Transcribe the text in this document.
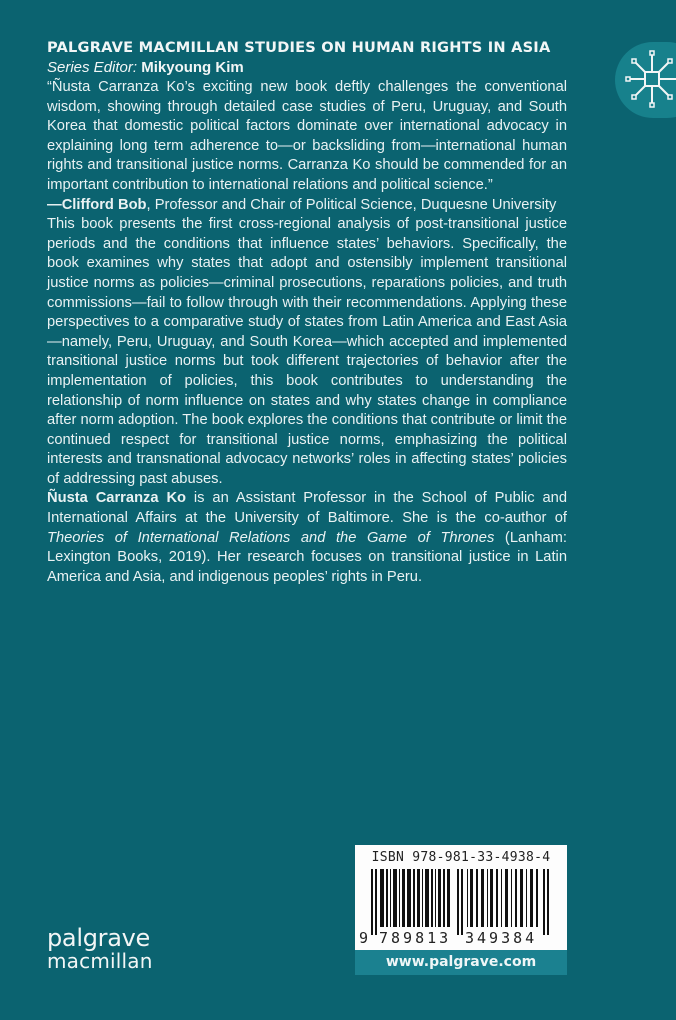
PALGRAVE MACMILLAN STUDIES ON HUMAN RIGHTS IN ASIA
Series Editor: Mikyoung Kim

“Ñusta Carranza Ko’s exciting new book deftly challenges the conventional wisdom, showing through detailed case studies of Peru, Uruguay, and South Korea that domestic political factors dominate over international advocacy in explaining long term adherence to—or backsliding from—international human rights and transitional justice norms. Carranza Ko should be commended for an important contribution to international relations and political science.”
—Clifford Bob, Professor and Chair of Political Science, Duquesne University

This book presents the first cross-regional analysis of post-transitional justice periods and the conditions that influence states’ behaviors. Specifically, the book examines why states that adopt and ostensibly implement transitional justice norms as policies—criminal prosecutions, reparations policies, and truth commissions—fail to follow through with their recommendations. Applying these perspectives to a comparative study of states from Latin America and East Asia—namely, Peru, Uruguay, and South Korea—which accepted and implemented transitional justice norms but took different trajectories of behavior after the implementation of policies, this book contributes to understanding the relationship of norm influence on states and why states change in compliance after norm adoption. The book explores the conditions that contribute or limit the continued respect for transitional justice norms, emphasizing the political interests and transnational advocacy networks’ roles in affecting states’ policies of addressing past abuses.

Ñusta Carranza Ko is an Assistant Professor in the School of Public and International Affairs at the University of Baltimore. She is the co-author of Theories of International Relations and the Game of Thrones (Lanham: Lexington Books, 2019). Her research focuses on transitional justice in Latin America and Asia, and indigenous peoples’ rights in Peru.

palgrave
macmillan
ISBN 978-981-33-4938-4
9 789813 349384
www.palgrave.com
